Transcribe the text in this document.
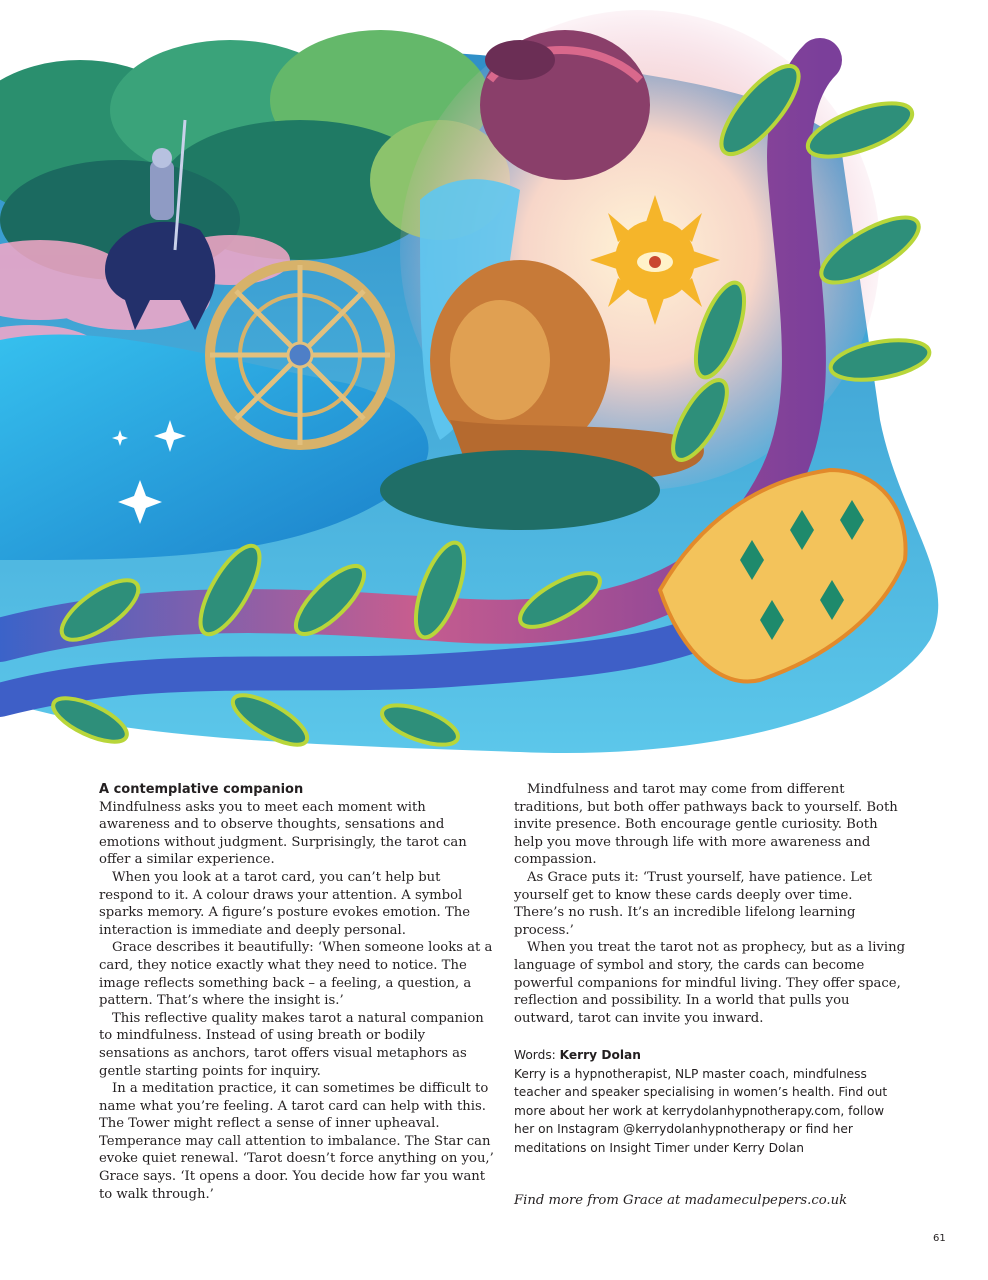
A contemplative companion

Mindfulness asks you to meet each moment with awareness and to observe thoughts, sensations and emotions without judgment. Surprisingly, the tarot can offer a similar experience.

When you look at a tarot card, you can’t help but respond to it. A colour draws your attention. A symbol sparks memory. A figure’s posture evokes emotion. The interaction is immediate and deeply personal.

Grace describes it beautifully: ‘When someone looks at a card, they notice exactly what they need to notice. The image reflects something back – a feeling, a question, a pattern. That’s where the insight is.’

This reflective quality makes tarot a natural companion to mindfulness. Instead of using breath or bodily sensations as anchors, tarot offers visual metaphors as gentle starting points for inquiry.

In a meditation practice, it can sometimes be difficult to name what you’re feeling. A tarot card can help with this. The Tower might reflect a sense of inner upheaval. Temperance may call attention to imbalance. The Star can evoke quiet renewal. ‘Tarot doesn’t force anything on you,’ Grace says. ‘It opens a door. You decide how far you want to walk through.’

Mindfulness and tarot may come from different traditions, but both offer pathways back to yourself. Both invite presence. Both encourage gentle curiosity. Both help you move through life with more awareness and compassion.

As Grace puts it: ‘Trust yourself, have patience. Let yourself get to know these cards deeply over time. There’s no rush. It’s an incredible lifelong learning process.’

When you treat the tarot not as prophecy, but as a living language of symbol and story, the cards can become powerful companions for mindful living. They offer space, reflection and possibility. In a world that pulls you outward, tarot can invite you inward.

Words: Kerry Dolan
Kerry is a hypnotherapist, NLP master coach, mindfulness teacher and speaker specialising in women’s health. Find out more about her work at kerrydolanhypnotherapy.com, follow her on Instagram @kerrydolanhypnotherapy or find her meditations on Insight Timer under Kerry Dolan
Find more from Grace at madameculpepers.co.uk
61
